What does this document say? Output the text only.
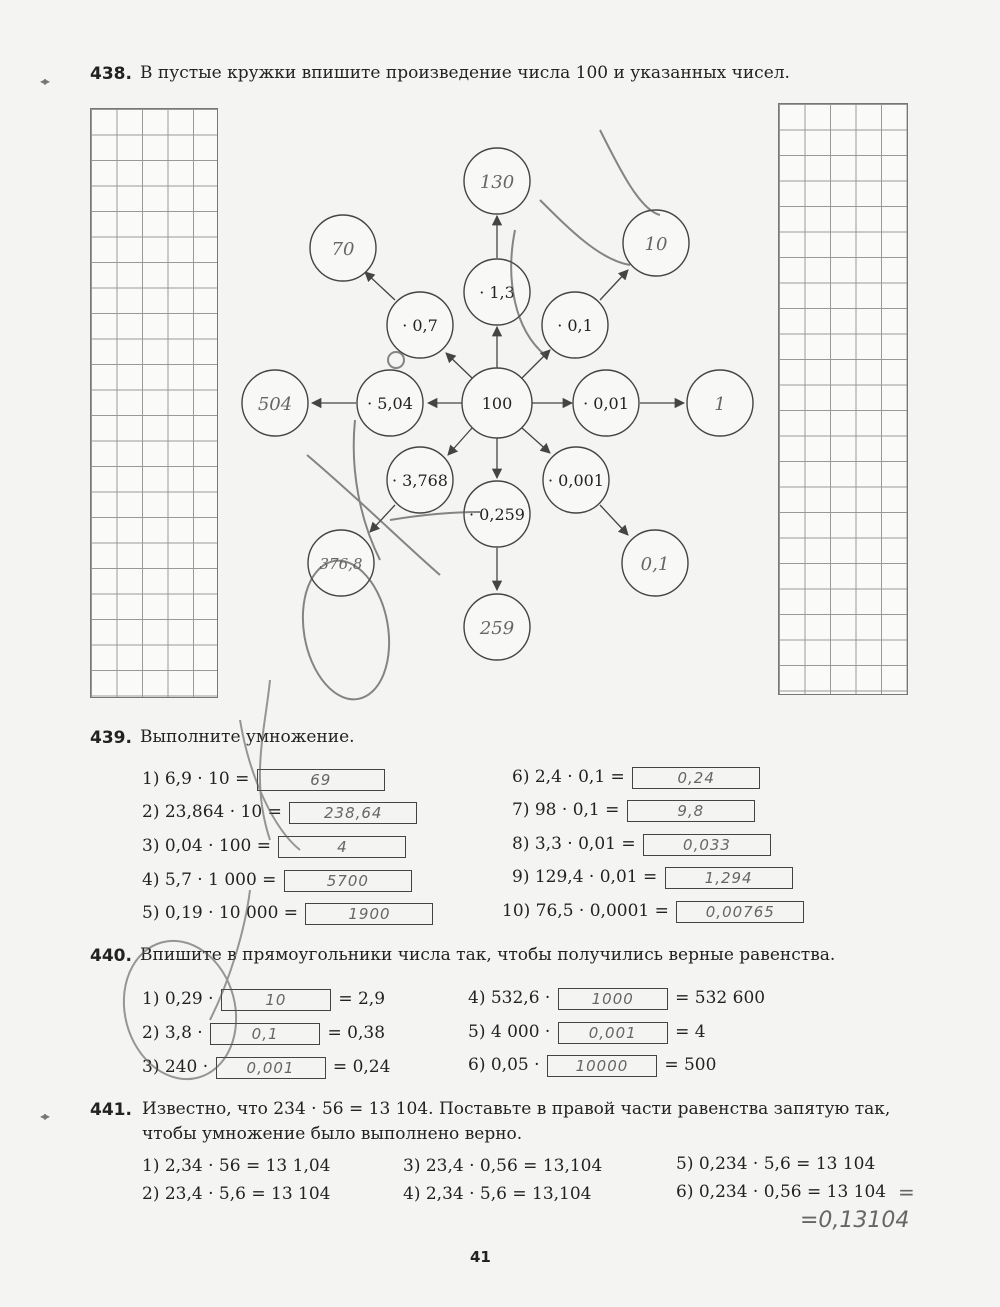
◂▸ 438. В пустые кружки впишите произведение числа 100 и указанных чисел.
100
· 1,3
· 0,1
· 0,01
· 0,001
· 0,259
· 3,768
· 5,04
· 0,7
130
10
1
0,1
259
376,8
504
70
439. Выполните умножение.
1) 6,9 · 10 =	69
2) 23,864 · 10 =	238,64
3) 0,04 · 100 =	4
4) 5,7 · 1 000 =	5700
5) 0,19 · 10 000 =	1900
6) 2,4 · 0,1 =	0,24
7) 98 · 0,1 =	9,8
8) 3,3 · 0,01 =	0,033
9) 129,4 · 0,01 =	1,294
10) 76,5 · 0,0001 = 0,00765
440. Впишите в прямоугольники числа так, чтобы получились верные равенства.
1) 0,29 ·	10	= 2,9
2) 3,8 ·	0,1	= 0,38
3) 240 ·	0,001 = 0,24
4) 532,6 ·	1000 = 532 600
5) 4 000 ·	0,001 = 4
6) 0,05 · 10000 = 500
◂▸ 441. Известно, что 234 · 56 = 13 104. Поставьте в правой части равенства запятую так,
чтобы умножение было выполнено верно.
1) 2,34 · 56 = 13 1,04
2) 23,4 · 5,6 = 13 104
3) 23,4 · 0,56 = 13,104
4) 2,34 · 5,6 = 13,104
5) 0,234 · 5,6 = 13 104
6) 0,234 · 0,56 = 13 104 =
=0,13104
41
